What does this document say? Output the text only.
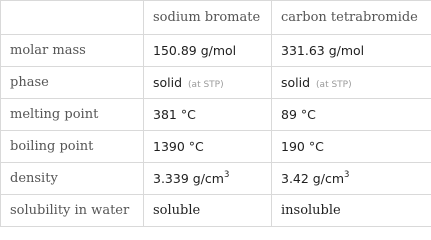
	sodium bromate	carbon tetrabromide
molar mass	150.89 g/mol	331.63 g/mol
phase	solid (at STP)	solid (at STP)
melting point	381 °C	89 °C
boiling point	1390 °C	190 °C
density	3.339 $g/cm^3$	3.42 $g/cm^3$
solubility in water	soluble	insoluble
